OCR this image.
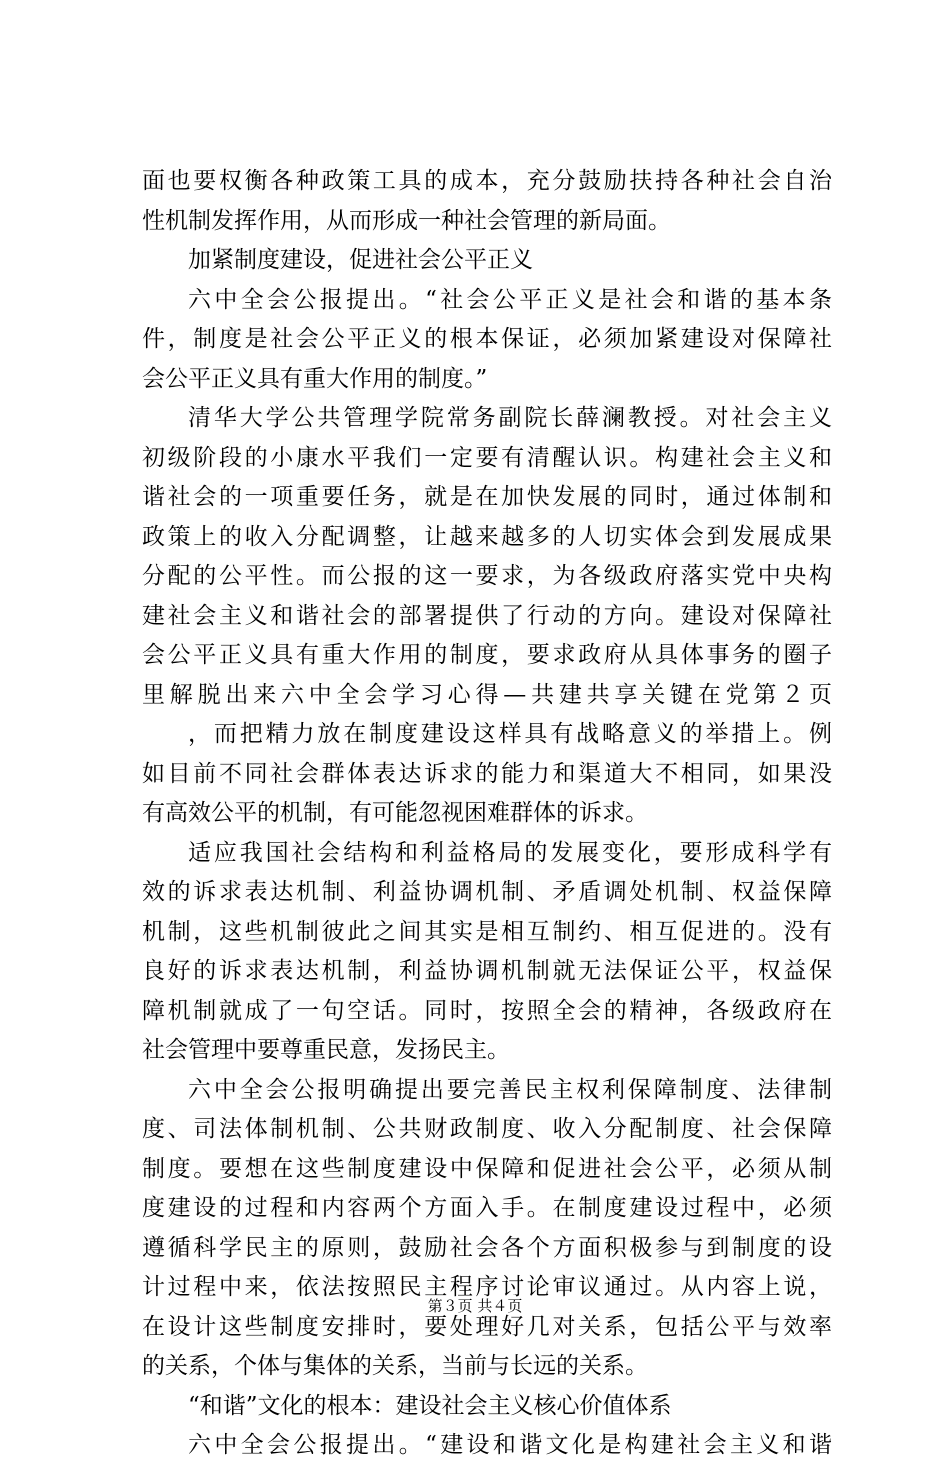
面也要权衡各种政策工具的成本，充分鼓励扶持各种社会自治
性机制发挥作用，从而形成一种社会管理的新局面。
加紧制度建设，促进社会公平正义
六中全会公报提出。“社会公平正义是社会和谐的基本条
件，制度是社会公平正义的根本保证，必须加紧建设对保障社
会公平正义具有重大作用的制度。”
清华大学公共管理学院常务副院长薛澜教授。对社会主义
初级阶段的小康水平我们一定要有清醒认识。构建社会主义和
谐社会的一项重要任务，就是在加快发展的同时，通过体制和
政策上的收入分配调整，让越来越多的人切实体会到发展成果
分配的公平性。而公报的这一要求，为各级政府落实党中央构
建社会主义和谐社会的部署提供了行动的方向。建设对保障社
会公平正义具有重大作用的制度，要求政府从具体事务的圈子
里解脱出来六中全会学习心得—共建共享关键在党第２页
，而把精力放在制度建设这样具有战略意义的举措上。例
如目前不同社会群体表达诉求的能力和渠道大不相同，如果没
有高效公平的机制，有可能忽视困难群体的诉求。
适应我国社会结构和利益格局的发展变化，要形成科学有
效的诉求表达机制、利益协调机制、矛盾调处机制、权益保障
机制，这些机制彼此之间其实是相互制约、相互促进的。没有
良好的诉求表达机制，利益协调机制就无法保证公平，权益保
障机制就成了一句空话。同时，按照全会的精神，各级政府在
社会管理中要尊重民意，发扬民主。
六中全会公报明确提出要完善民主权利保障制度、法律制
度、司法体制机制、公共财政制度、收入分配制度、社会保障
制度。要想在这些制度建设中保障和促进社会公平，必须从制
度建设的过程和内容两个方面入手。在制度建设过程中，必须
遵循科学民主的原则，鼓励社会各个方面积极参与到制度的设
计过程中来，依法按照民主程序讨论审议通过。从内容上说，
在设计这些制度安排时，要处理好几对关系，包括公平与效率
的关系，个体与集体的关系，当前与长远的关系。
“和谐”文化的根本：建设社会主义核心价值体系
六中全会公报提出。“建设和谐文化是构建社会主义和谐
第３页 共４页
